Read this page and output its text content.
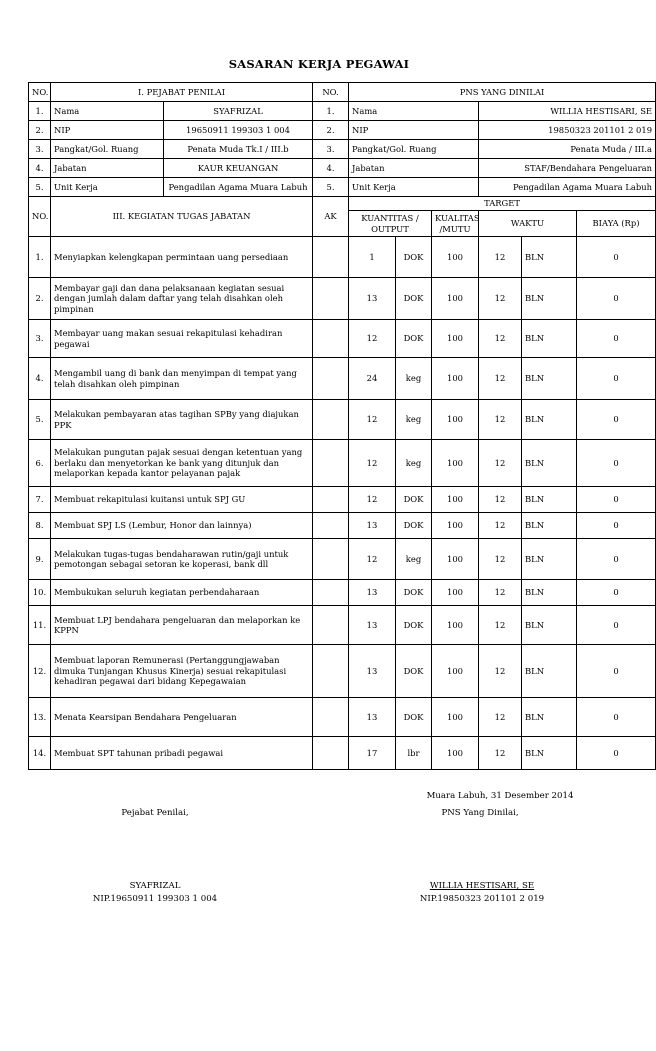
SASARAN KERJA PEGAWAI
NO.	I. PEJABAT PENILAI		NO.	PNS YANG DINILAI					
1.	Nama	SYAFRIZAL	1.	Nama			WILLIA HESTISARI, SE		
2.	NIP	19650911 199303 1 004	2.	NIP			19850323 201101 2 019		
3.	Pangkat/Gol. Ruang	Penata Muda Tk.I / III.b	3.	Pangkat/Gol. Ruang			Penata Muda / III.a		
4.	Jabatan	KAUR KEUANGAN	4.	Jabatan			STAF/Bendahara Pengeluaran		
5.	Unit Kerja	Pengadilan Agama Muara Labuh	5.	Unit Kerja			Pengadilan Agama Muara Labuh		
NO.	III. KEGIATAN TUGAS JABATAN		AK	TARGET					
				KUANTITAS / OUTPUT		KUALITAS /MUTU	WAKTU		BIAYA (Rp)
1.	Menyiapkan kelengkapan permintaan uang persediaan			1	DOK	100	12	BLN	0
2.	Membayar gaji dan dana pelaksanaan kegiatan sesuai dengan jumlah dalam daftar yang telah disahkan oleh pimpinan			13	DOK	100	12	BLN	0
3.	Membayar uang makan sesuai rekapitulasi kehadiran pegawai			12	DOK	100	12	BLN	0
4.	Mengambil uang di bank dan menyimpan di tempat yang telah disahkan oleh pimpinan			24	keg	100	12	BLN	0
5.	Melakukan pembayaran atas tagihan SPBy yang diajukan PPK			12	keg	100	12	BLN	0
6.	Melakukan pungutan pajak sesuai dengan ketentuan yang berlaku dan menyetorkan ke bank yang ditunjuk dan melaporkan kepada kantor pelayanan pajak			12	keg	100	12	BLN	0
7.	Membuat rekapitulasi kuitansi untuk SPJ GU			12	DOK	100	12	BLN	0
8.	Membuat SPJ LS (Lembur, Honor dan lainnya)			13	DOK	100	12	BLN	0
9.	Melakukan tugas-tugas bendaharawan rutin/gaji untuk pemotongan sebagai setoran ke koperasi, bank dll			12	keg	100	12	BLN	0
10.	Membukukan seluruh kegiatan perbendaharaan			13	DOK	100	12	BLN	0
11.	Membuat LPJ bendahara pengeluaran dan melaporkan ke KPPN			13	DOK	100	12	BLN	0
12.	Membuat laporan Remunerasi (Pertanggungjawaban dimuka Tunjangan Khusus Kinerja) sesuai rekapitulasi kehadiran pegawai dari bidang Kepegawaian			13	DOK	100	12	BLN	0
13.	Menata Kearsipan Bendahara Pengeluaran			13	DOK	100	12	BLN	0
14.	Membuat SPT tahunan pribadi pegawai			17	lbr	100	12	BLN	0
Muara Labuh, 31 Desember 2014
Pejabat Penilai,	PNS Yang Dinilai,
SYAFRIZAL
NIP.19650911 199303 1 004
WILLIA HESTISARI, SE
NIP.19850323 201101 2 019
